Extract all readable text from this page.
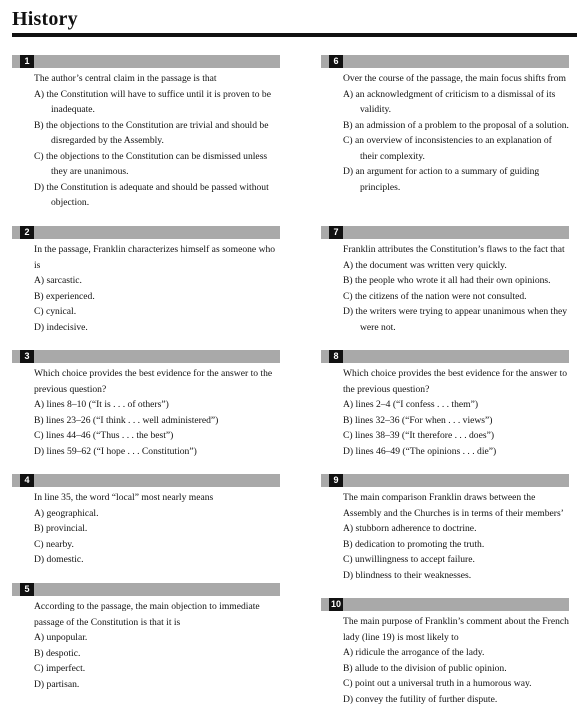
History
1
The author’s central claim in the passage is that
A) the Constitution will have to suffice until it is proven to be inadequate.
B) the objections to the Constitution are trivial and should be disregarded by the Assembly.
C) the objections to the Constitution can be dismissed unless they are unanimous.
D) the Constitution is adequate and should be passed without objection.
2
In the passage, Franklin characterizes himself as someone who is
A) sarcastic.
B) experienced.
C) cynical.
D) indecisive.
3
Which choice provides the best evidence for the answer to the previous question?
A) lines 8–10 (“It is . . . of others”)
B) lines 23–26 (“I think . . . well administered”)
C) lines 44–46 (“Thus . . . the best”)
D) lines 59–62 (“I hope . . . Constitution”)
4
In line 35, the word “local” most nearly means
A) geographical.
B) provincial.
C) nearby.
D) domestic.
5
According to the passage, the main objection to immediate passage of the Constitution is that it is
A) unpopular.
B) despotic.
C) imperfect.
D) partisan.
6
Over the course of the passage, the main focus shifts from
A) an acknowledgment of criticism to a dismissal of its validity.
B) an admission of a problem to the proposal of a solution.
C) an overview of inconsistencies to an explanation of their complexity.
D) an argument for action to a summary of guiding principles.
7
Franklin attributes the Constitution’s flaws to the fact that
A) the document was written very quickly.
B) the people who wrote it all had their own opinions.
C) the citizens of the nation were not consulted.
D) the writers were trying to appear unanimous when they were not.
8
Which choice provides the best evidence for the answer to the previous question?
A) lines 2–4 (“I confess . . . them”)
B) lines 32–36 (“For when . . . views”)
C) lines 38–39 (“It therefore . . . does”)
D) lines 46–49 (“The opinions . . . die”)
9
The main comparison Franklin draws between the Assembly and the Churches is in terms of their members’
A) stubborn adherence to doctrine.
B) dedication to promoting the truth.
C) unwillingness to accept failure.
D) blindness to their weaknesses.
10
The main purpose of Franklin’s comment about the French lady (line 19) is most likely to
A) ridicule the arrogance of the lady.
B) allude to the division of public opinion.
C) point out a universal truth in a humorous way.
D) convey the futility of further dispute.
